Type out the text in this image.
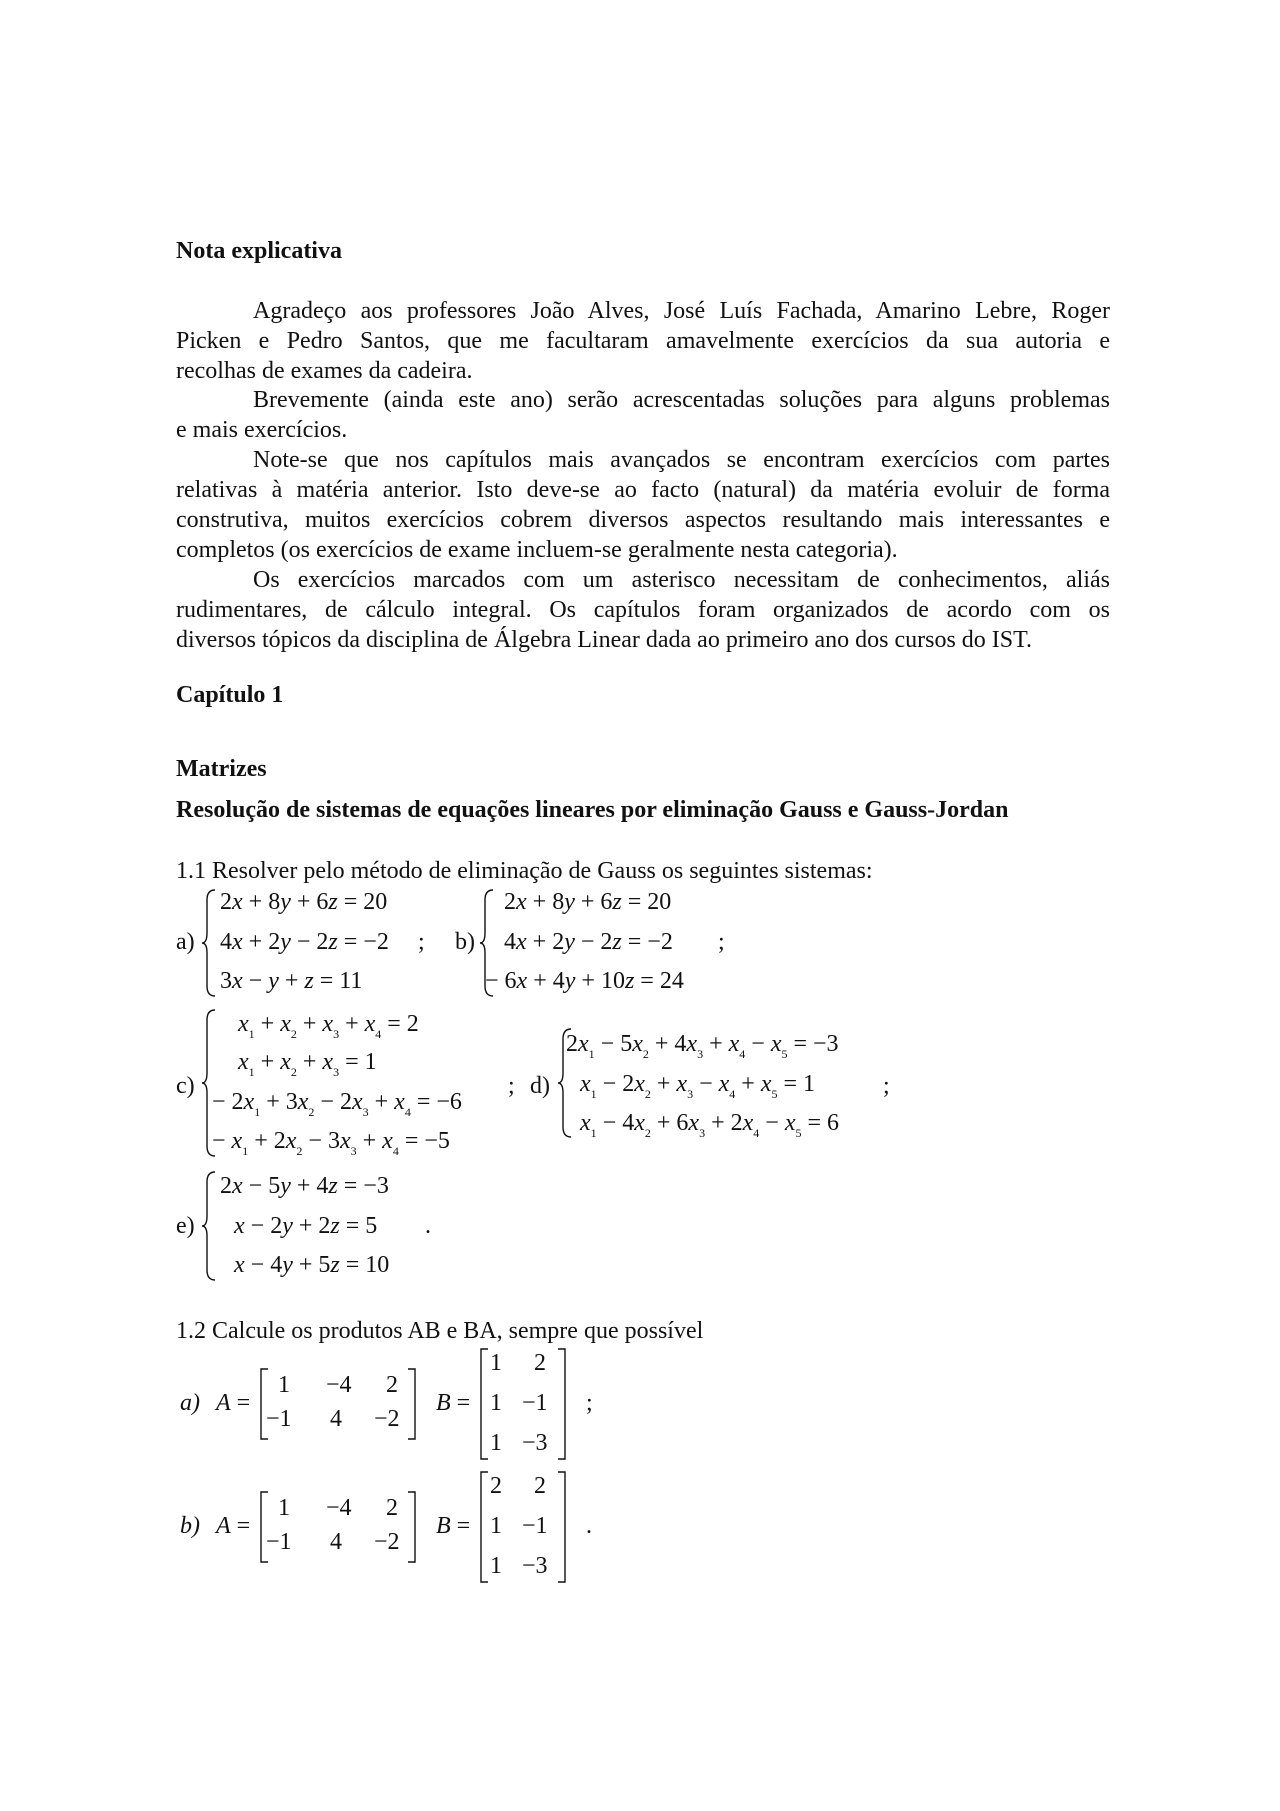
Nota explicativa
Agradeço aos professores João Alves, José Luís Fachada, Amarino Lebre, Roger
Picken e Pedro Santos, que me facultaram amavelmente exercícios da sua autoria e
recolhas de exames da cadeira.
Brevemente (ainda este ano) serão acrescentadas soluções para alguns problemas
e mais exercícios.
Note-se que nos capítulos mais avançados se encontram exercícios com partes
relativas à matéria anterior. Isto deve-se ao facto (natural) da matéria evoluir de forma
construtiva, muitos exercícios cobrem diversos aspectos resultando mais interessantes e
completos (os exercícios de exame incluem-se geralmente nesta categoria).
Os exercícios marcados com um asterisco necessitam de conhecimentos, aliás
rudimentares, de cálculo integral. Os capítulos foram organizados de acordo com os
diversos tópicos da disciplina de Álgebra Linear dada ao primeiro ano dos cursos do IST.
Capítulo 1
Matrizes
Resolução de sistemas de equações lineares por eliminação Gauss e Gauss-Jordan
1.1 Resolver pelo método de eliminação de Gauss os seguintes sistemas:
a)
2x + 8y + 6z = 20
4x + 2y − 2z = −2
3x − y + z = 11
; b)
2x + 8y + 6z = 20
4x + 2y − 2z = −2
− 6x + 4y + 10z = 24
;
c)
$x_1 + x_2 + x_3 + x_4 = 2$
$x_1 + x_2 + x_3 = 1$
− $2x_1 + 3x_2 - 2x_3 + x_4 = -6$
− $x_1 + 2x_2 - 3x_3 + x_4 = -5$
; d)
$2x_1 - 5x_2 + 4x_3 + x_4 - x_5 = -3$
$x_1 - 2x_2 + x_3 - x_4 + x_5 = 1$
$x_1 - 4x_2 + 6x_3 + 2x_4 - x_5 = 6$
;
e)
2x − 5y + 4z = −3
x − 2y + 2z = 5
x − 4y + 5z = 10
.
1.2 Calcule os produtos AB e BA, sempre que possível
a) A =
1 −4 2
−1 4 −2
B =
1 2
1 −1
1 −3
;
b) A =
1 −4 2
−1 4 −2
B =
2 2
1 −1
1 −3
.
